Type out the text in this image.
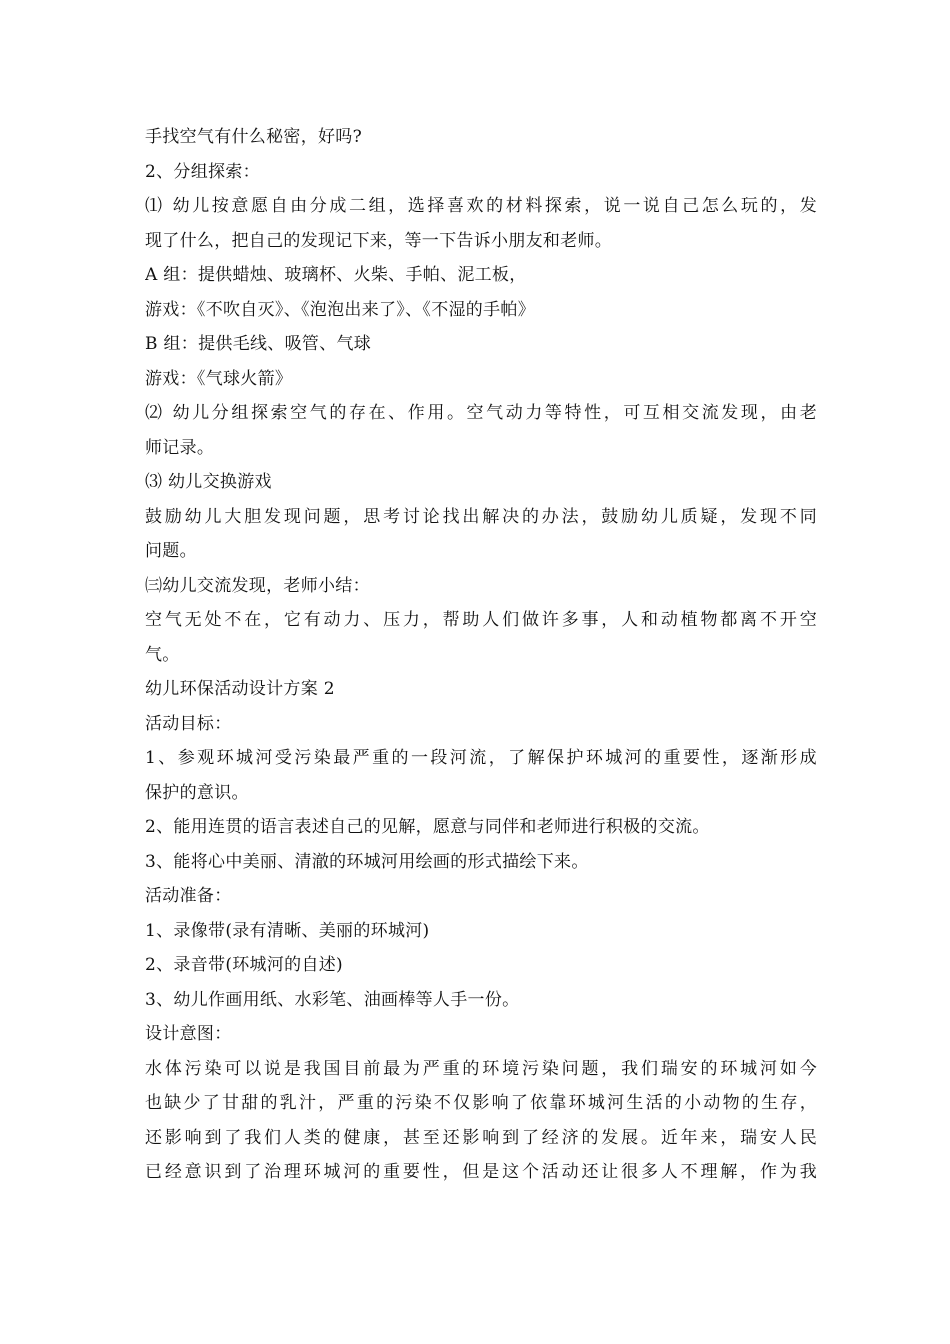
手找空气有什么秘密，好吗?
2、分组探索：
⑴ 幼儿按意愿自由分成二组，选择喜欢的材料探索，说一说自己怎么玩的，发
现了什么，把自己的发现记下来，等一下告诉小朋友和老师。
A 组：提供蜡烛、玻璃杯、火柴、手帕、泥工板，
游戏：《不吹自灭》、《泡泡出来了》、《不湿的手帕》
B 组：提供毛线、吸管、气球
游戏：《气球火箭》
⑵ 幼儿分组探索空气的存在、作用。空气动力等特性，可互相交流发现，由老
师记录。
⑶ 幼儿交换游戏
鼓励幼儿大胆发现问题，思考讨论找出解决的办法，鼓励幼儿质疑，发现不同
问题。
㈢幼儿交流发现，老师小结：
空气无处不在，它有动力、压力，帮助人们做许多事，人和动植物都离不开空
气。
幼儿环保活动设计方案 2
活动目标：
1、参观环城河受污染最严重的一段河流，了解保护环城河的重要性，逐渐形成
保护的意识。
2、能用连贯的语言表述自己的见解，愿意与同伴和老师进行积极的交流。
3、能将心中美丽、清澈的环城河用绘画的形式描绘下来。
活动准备：
1、录像带(录有清晰、美丽的环城河)
2、录音带(环城河的自述)
3、幼儿作画用纸、水彩笔、油画棒等人手一份。
设计意图：
水体污染可以说是我国目前最为严重的环境污染问题，我们瑞安的环城河如今
也缺少了甘甜的乳汁，严重的污染不仅影响了依靠环城河生活的小动物的生存，
还影响到了我们人类的健康，甚至还影响到了经济的发展。近年来，瑞安人民
已经意识到了治理环城河的重要性，但是这个活动还让很多人不理解，作为我
